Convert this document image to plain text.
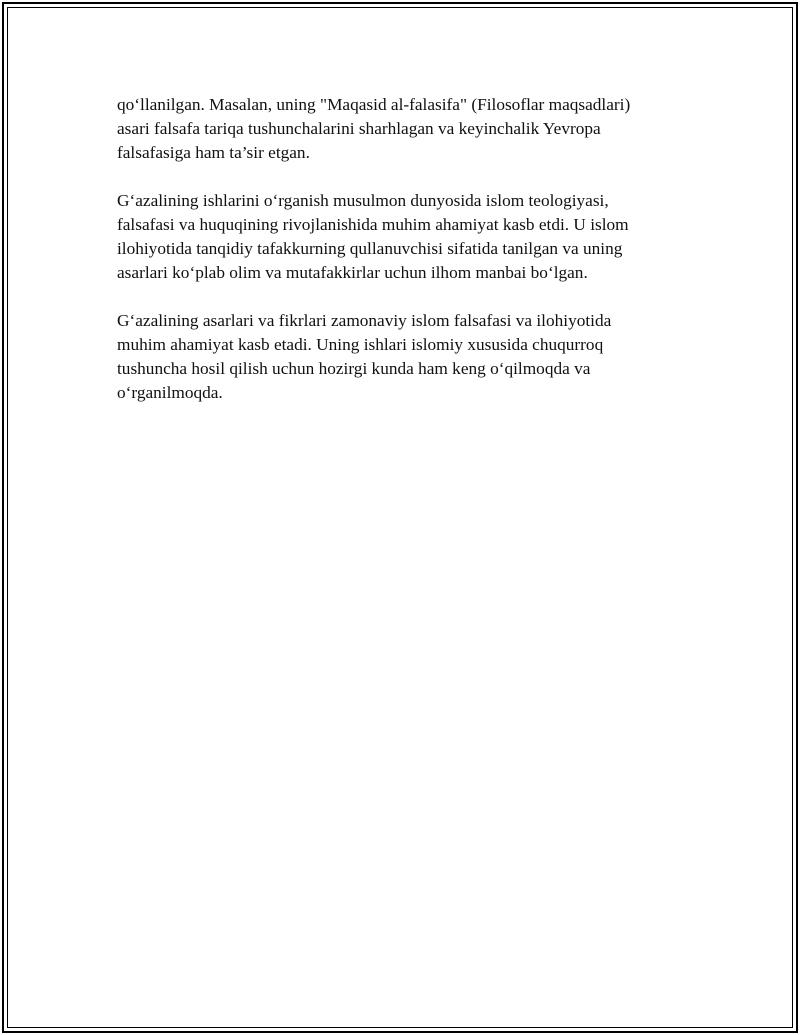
qo‘llanilgan. Masalan, uning "Maqasid al-falasifa" (Filosoflar maqsadlari)
asari falsafa tariqa tushunchalarini sharhlagan va keyinchalik Yevropa
falsafasiga ham ta’sir etgan.

G‘azalining ishlarini o‘rganish musulmon dunyosida islom teologiyasi,
falsafasi va huquqining rivojlanishida muhim ahamiyat kasb etdi. U islom
ilohiyotida tanqidiy tafakkurning qullanuvchisi sifatida tanilgan va uning
asarlari ko‘plab olim va mutafakkirlar uchun ilhom manbai bo‘lgan.

G‘azalining asarlari va fikrlari zamonaviy islom falsafasi va ilohiyotida
muhim ahamiyat kasb etadi. Uning ishlari islomiy xususida chuqurroq
tushuncha hosil qilish uchun hozirgi kunda ham keng o‘qilmoqda va
o‘rganilmoqda.
